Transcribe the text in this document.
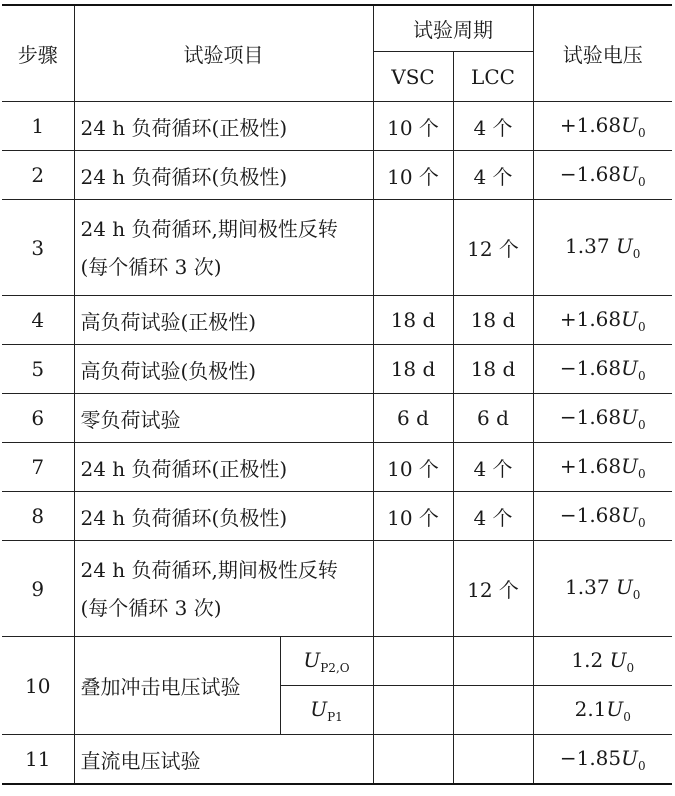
步骤	试验项目		试验周期		试验电压
			VSC	LCC	
1	24 h 负荷循环(正极性)		10 个	4 个	$+1.68U_0$
2	24 h 负荷循环(负极性)		10 个	4 个	$-1.68U_0$
3	24 h 负荷循环,期间极性反转
(每个循环 3 次)			12 个	1.37 $U_0$
4	高负荷试验(正极性)		18 d	18 d	$+1.68U_0$
5	高负荷试验(负极性)		18 d	18 d	$-1.68U_0$
6	零负荷试验		6 d	6 d	$-1.68U_0$
7	24 h 负荷循环(正极性)		10 个	4 个	$+1.68U_0$
8	24 h 负荷循环(负极性)		10 个	4 个	$-1.68U_0$
9	24 h 负荷循环,期间极性反转
(每个循环 3 次)			12 个	1.37 $U_0$
10	叠加冲击电压试验	$U_{P2,O}$			1.2 $U_0$
		$U_{P1}$			$2.1U_0$
11	直流电压试验				$-1.85U_0$
